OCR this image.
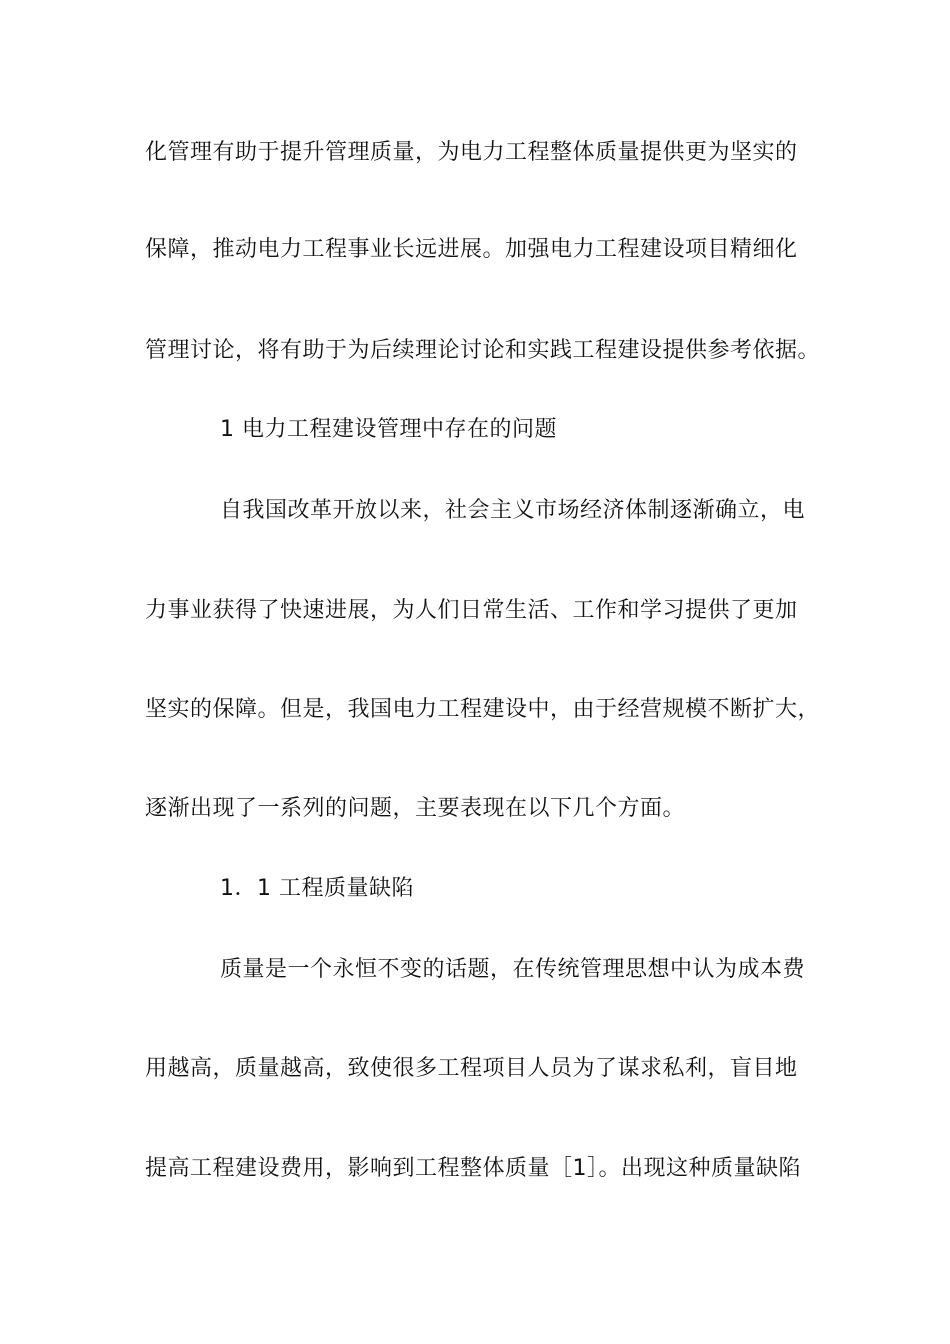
化管理有助于提升管理质量，为电力工程整体质量提供更为坚实的
保障，推动电力工程事业长远进展。加强电力工程建设项目精细化
管理讨论，将有助于为后续理论讨论和实践工程建设提供参考依据。
1 电力工程建设管理中存在的问题
自我国改革开放以来，社会主义市场经济体制逐渐确立，电
力事业获得了快速进展，为人们日常生活、工作和学习提供了更加
坚实的保障。但是，我国电力工程建设中，由于经营规模不断扩大，
逐渐出现了一系列的问题，主要表现在以下几个方面。
1．1 工程质量缺陷
质量是一个永恒不变的话题，在传统管理思想中认为成本费
用越高，质量越高，致使很多工程项目人员为了谋求私利，盲目地
提高工程建设费用，影响到工程整体质量［1］。出现这种质量缺陷
